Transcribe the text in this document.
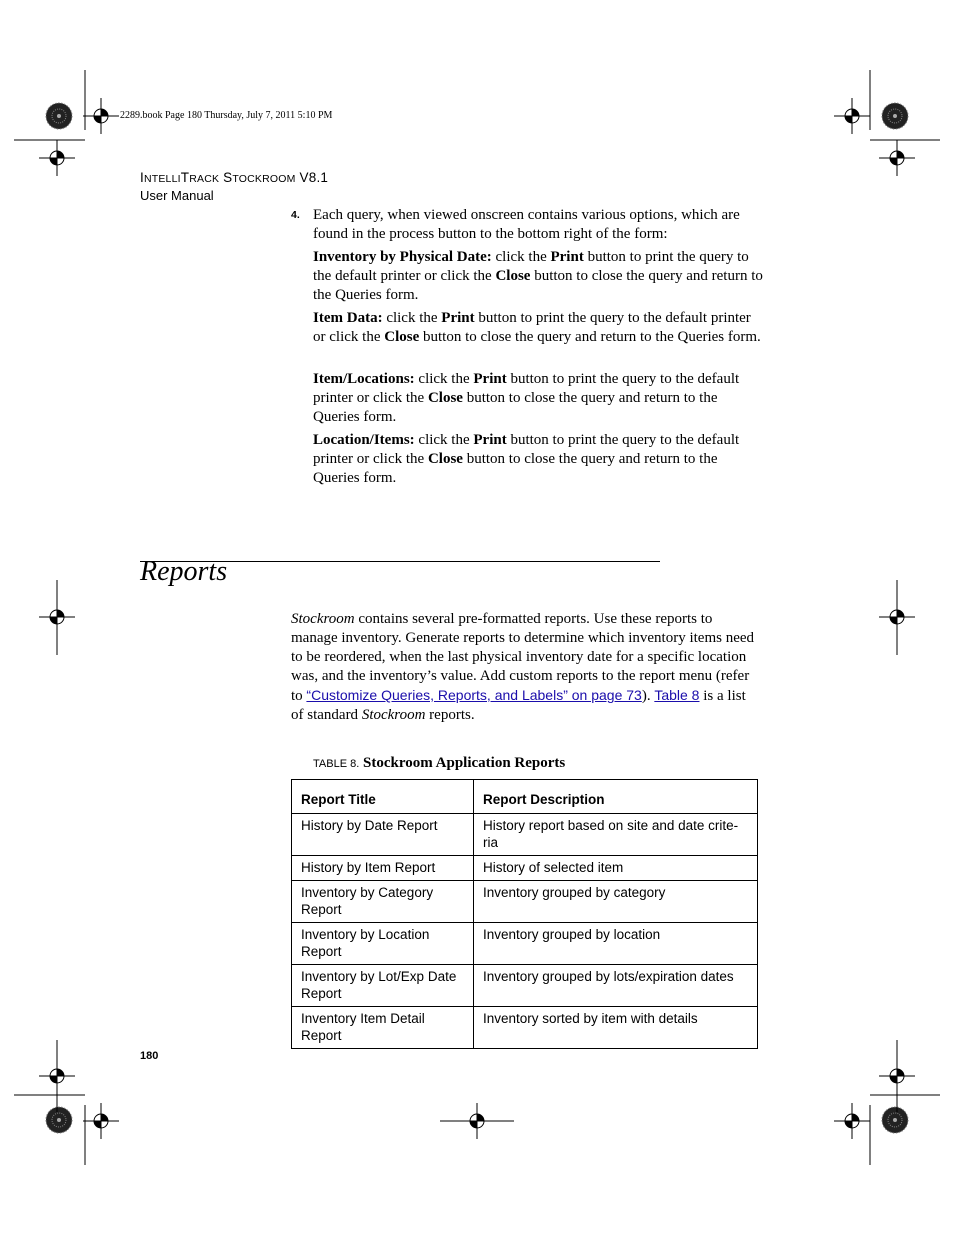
2289.book Page 180 Thursday, July 7, 2011 5:10 PM
INTELLITRACK STOCKROOM V8.1
User Manual
4. Each query, when viewed onscreen contains various options, which are found in the process button to the bottom right of the form:
Inventory by Physical Date: click the Print button to print the query to the default printer or click the Close button to close the query and return to the Queries form.
Item Data: click the Print button to print the query to the default printer or click the Close button to close the query and return to the Queries form.
Item/Locations: click the Print button to print the query to the default printer or click the Close button to close the query and return to the Queries form.
Location/Items: click the Print button to print the query to the default printer or click the Close button to close the query and return to the Queries form.
Reports
Stockroom contains several pre-formatted reports. Use these reports to manage inventory. Generate reports to determine which inventory items need to be reordered, when the last physical inventory date for a specific location was, and the inventory’s value. Add custom reports to the report menu (refer to “Customize Queries, Reports, and Labels” on page 73). Table 8 is a list of standard Stockroom reports.
TABLE 8. Stockroom Application Reports
Report Title	Report Description
History by Date Report	History report based on site and date crite-ria
History by Item Report	History of selected item
Inventory by Category Report	Inventory grouped by category
Inventory by Location Report	Inventory grouped by location
Inventory by Lot/Exp Date Report	Inventory grouped by lots/expiration dates
Inventory Item Detail Report	Inventory sorted by item with details
180
